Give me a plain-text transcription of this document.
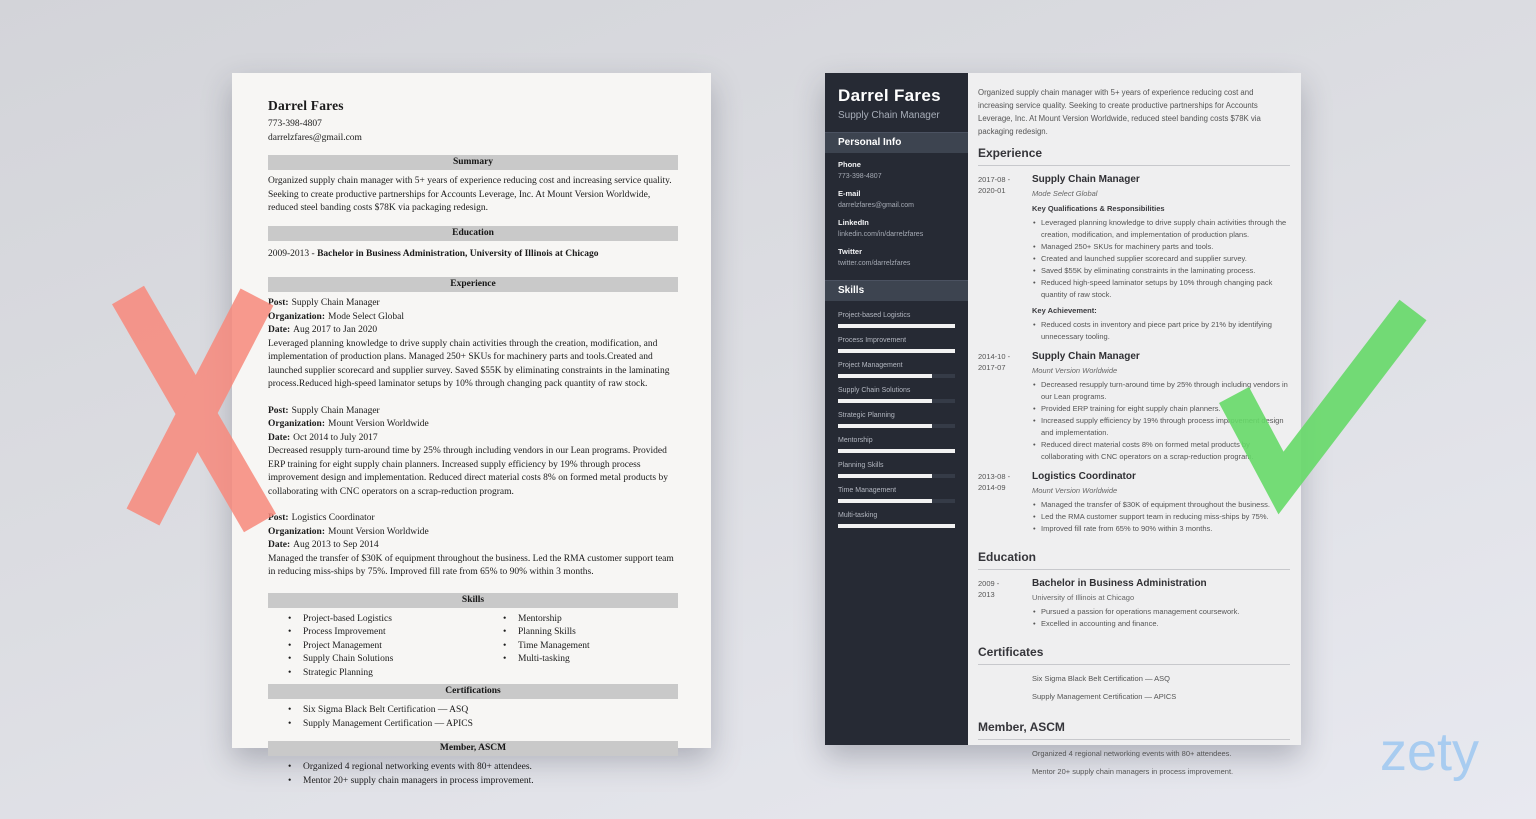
Darrel Fares
773-398-4807
darrelzfares@gmail.com
Summary

Organized supply chain manager with 5+ years of experience reducing cost and increasing service quality. Seeking to create productive partnerships for Accounts Leverage, Inc. At Mount Version Worldwide, reduced steel banding costs $78K via packaging redesign.

Education

2009-2013 - Bachelor in Business Administration, University of Illinois at Chicago

Experience
Post: Supply Chain Manager
Organization: Mode Select Global
Date: Aug 2017 to Jan 2020

Leveraged planning knowledge to drive supply chain activities through the creation, modification, and implementation of production plans. Managed 250+ SKUs for machinery parts and tools.Created and launched supplier scorecard and supplier survey. Saved $55K by eliminating constraints in the laminating process.Reduced high-speed laminator setups by 10% through changing pack quantity of raw stock.

Post: Supply Chain Manager
Organization: Mount Version Worldwide
Date: Oct 2014 to July 2017

Decreased resupply turn-around time by 25% through including vendors in our Lean programs. Provided ERP training for eight supply chain planners. Increased supply efficiency by 19% through process improvement design and implementation. Reduced direct material costs 8% on formed metal products by collaborating with CNC operators on a scrap-reduction program.

Post: Logistics Coordinator
Organization: Mount Version Worldwide
Date: Aug 2013 to Sep 2014

Managed the transfer of $30K of equipment throughout the business. Led the RMA customer support team in reducing miss-ships by 75%. Improved fill rate from 65% to 90% within 3 months.

Skills
• Project-based Logistics
• Process Improvement
• Project Management
• Supply Chain Solutions
• Strategic Planning
• Mentorship
• Planning Skills
• Time Management
• Multi-tasking
Certifications
• Six Sigma Black Belt Certification — ASQ
• Supply Management Certification — APICS
Member, ASCM
• Organized 4 regional networking events with 80+ attendees.
• Mentor 20+ supply chain managers in process improvement.
Darrel Fares
Supply Chain Manager
Personal Info
Phone
773-398-4807
E-mail
darrelzfares@gmail.com
LinkedIn
linkedin.com/in/darrelzfares
Twitter
twitter.com/darrelzfares
Skills
Project-based Logistics
Process Improvement
Project Management
Supply Chain Solutions
Strategic Planning
Mentorship
Planning Skills
Time Management
Multi-tasking

Organized supply chain manager with 5+ years of experience reducing cost and increasing service quality. Seeking to create productive partnerships for Accounts Leverage, Inc. At Mount Version Worldwide, reduced steel banding costs $78K via packaging redesign.

Experience
2017-08 -
2020-01
Supply Chain Manager
Mode Select Global
Key Qualifications & Responsibilities
• Leveraged planning knowledge to drive supply chain activities through the creation, modification, and implementation of production plans.
• Managed 250+ SKUs for machinery parts and tools.
• Created and launched supplier scorecard and supplier survey.
• Saved $55K by eliminating constraints in the laminating process.
• Reduced high-speed laminator setups by 10% through changing pack quantity of raw stock.
Key Achievement:
• Reduced costs in inventory and piece part price by 21% by identifying unnecessary tooling.
2014-10 -
2017-07
Supply Chain Manager
Mount Version Worldwide
• Decreased resupply turn-around time by 25% through including vendors in our Lean programs.
• Provided ERP training for eight supply chain planners.
• Increased supply efficiency by 19% through process improvement design and implementation.
• Reduced direct material costs 8% on formed metal products by collaborating with CNC operators on a scrap-reduction program.
2013-08 -
2014-09
Logistics Coordinator
Mount Version Worldwide
• Managed the transfer of $30K of equipment throughout the business.
• Led the RMA customer support team in reducing miss-ships by 75%.
• Improved fill rate from 65% to 90% within 3 months.
Education
2009 -
2013
Bachelor in Business Administration
University of Illinois at Chicago
• Pursued a passion for operations management coursework.
• Excelled in accounting and finance.
Certificates
Six Sigma Black Belt Certification — ASQ
Supply Management Certification — APICS
Member, ASCM
Organized 4 regional networking events with 80+ attendees.
Mentor 20+ supply chain managers in process improvement.	zety
